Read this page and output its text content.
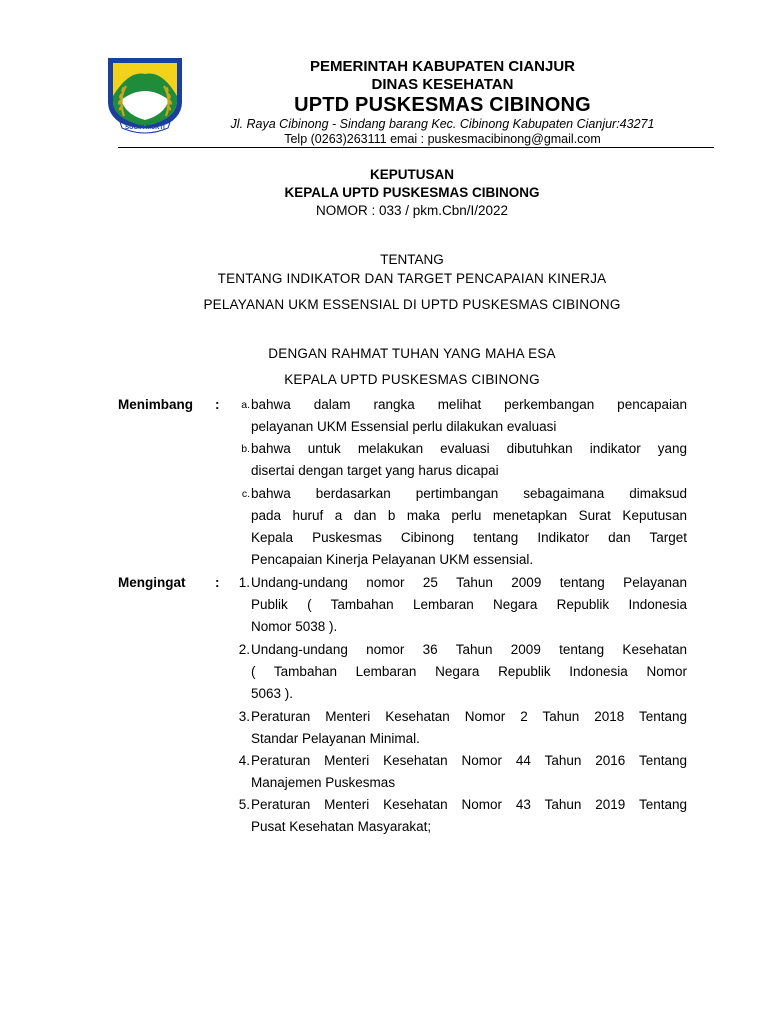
SUGIH MUKTI
PEMERINTAH KABUPATEN CIANJUR
DINAS KESEHATAN
UPTD PUSKESMAS CIBINONG
Jl. Raya Cibinong - Sindang barang Kec. Cibinong Kabupaten Cianjur:43271
Telp (0263)263111 emai : puskesmacibinong@gmail.com
KEPUTUSAN
KEPALA UPTD PUSKESMAS CIBINONG
NOMOR : 033 / pkm.Cbn/I/2022
TENTANG
TENTANG INDIKATOR DAN TARGET PENCAPAIAN KINERJA
PELAYANAN UKM ESSENSIAL DI UPTD PUSKESMAS CIBINONG
DENGAN RAHMAT TUHAN YANG MAHA ESA
KEPALA UPTD PUSKESMAS CIBINONG
Menimbang :	a. bahwa dalam rangka melihat perkembangan pencapaian
pelayanan UKM Essensial perlu dilakukan evaluasi
b. bahwa untuk melakukan evaluasi dibutuhkan indikator yang
disertai dengan target yang harus dicapai
c. bahwa berdasarkan pertimbangan sebagaimana dimaksud
pada huruf a dan b maka perlu menetapkan Surat Keputusan
Kepala Puskesmas Cibinong tentang Indikator dan Target
Pencapaian Kinerja Pelayanan UKM essensial.
Mengingat :	1. Undang-undang nomor 25 Tahun 2009 tentang Pelayanan
Publik ( Tambahan Lembaran Negara Republik Indonesia
Nomor 5038 ).
2. Undang-undang nomor 36 Tahun 2009 tentang Kesehatan
( Tambahan Lembaran Negara Republik Indonesia Nomor
5063 ).
3. Peraturan Menteri Kesehatan Nomor 2 Tahun 2018 Tentang
Standar Pelayanan Minimal.
4. Peraturan Menteri Kesehatan Nomor 44 Tahun 2016 Tentang
Manajemen Puskesmas
5. Peraturan Menteri Kesehatan Nomor 43 Tahun 2019 Tentang
Pusat Kesehatan Masyarakat;
